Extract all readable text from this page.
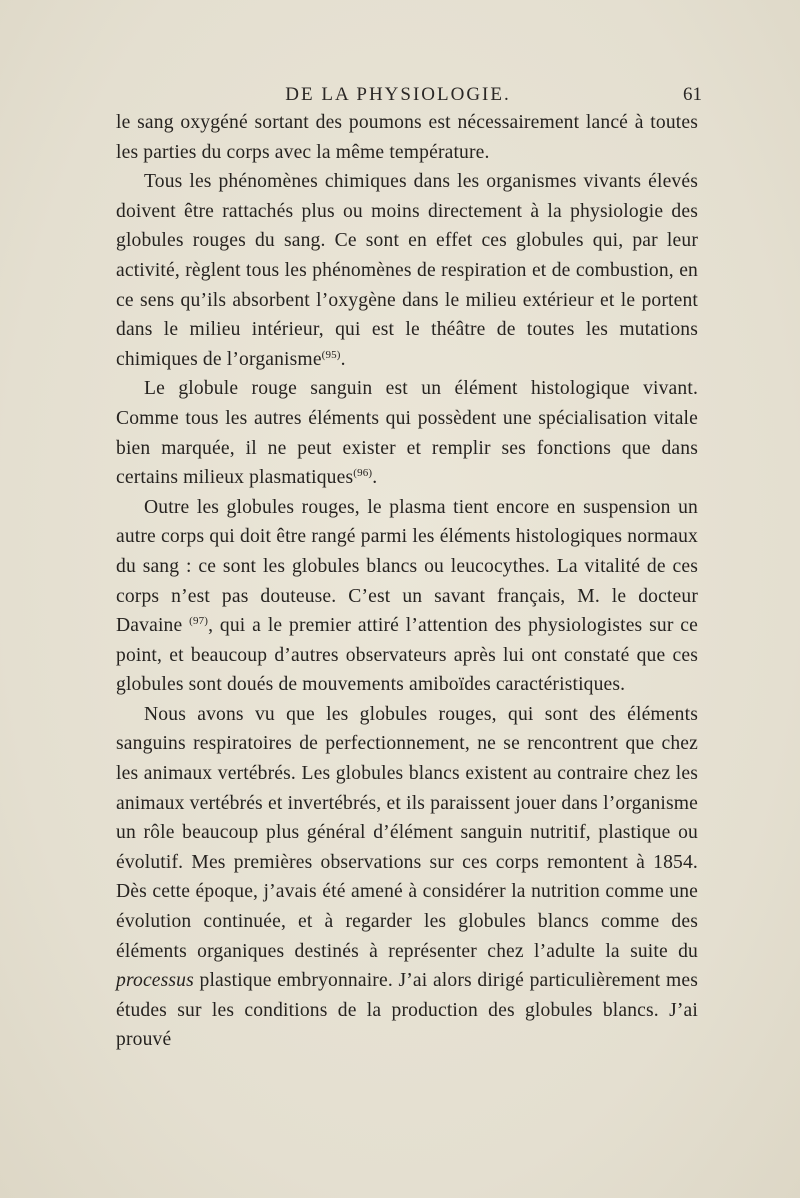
DE LA PHYSIOLOGIE.	61

le sang oxygéné sortant des poumons est nécessairement lancé à toutes les parties du corps avec la même température.

Tous les phénomènes chimiques dans les organismes vivants élevés doivent être rattachés plus ou moins directement à la physiologie des globules rouges du sang. Ce sont en effet ces globules qui, par leur activité, règlent tous les phénomènes de respiration et de combustion, en ce sens qu’ils absorbent l’oxygène dans le milieu extérieur et le portent dans le milieu intérieur, qui est le théâtre de toutes les mutations chimiques de l’organisme$^{(95)}$.

Le globule rouge sanguin est un élément histologique vivant. Comme tous les autres éléments qui possèdent une spécialisation vitale bien marquée, il ne peut exister et remplir ses fonctions que dans certains milieux plasmatiques$^{(96)}$.

Outre les globules rouges, le plasma tient encore en suspension un autre corps qui doit être rangé parmi les éléments histologiques normaux du sang : ce sont les globules blancs ou leucocythes. La vitalité de ces corps n’est pas douteuse. C’est un savant français, M. le docteur Davaine $^{(97)}$, qui a le premier attiré l’attention des physiologistes sur ce point, et beaucoup d’autres observateurs après lui ont constaté que ces globules sont doués de mouvements amiboïdes caractéristiques.

Nous avons vu que les globules rouges, qui sont des éléments sanguins respiratoires de perfectionnement, ne se rencontrent que chez les animaux vertébrés. Les globules blancs existent au contraire chez les animaux vertébrés et invertébrés, et ils paraissent jouer dans l’organisme un rôle beaucoup plus général d’élément sanguin nutritif, plastique ou évolutif. Mes premières observations sur ces corps remontent à 1854. Dès cette époque, j’avais été amené à considérer la nutrition comme une évolution continuée, et à regarder les globules blancs comme des éléments organiques destinés à représenter chez l’adulte la suite du processus plastique embryonnaire. J’ai alors dirigé particulièrement mes études sur les conditions de la production des globules blancs. J’ai prouvé
